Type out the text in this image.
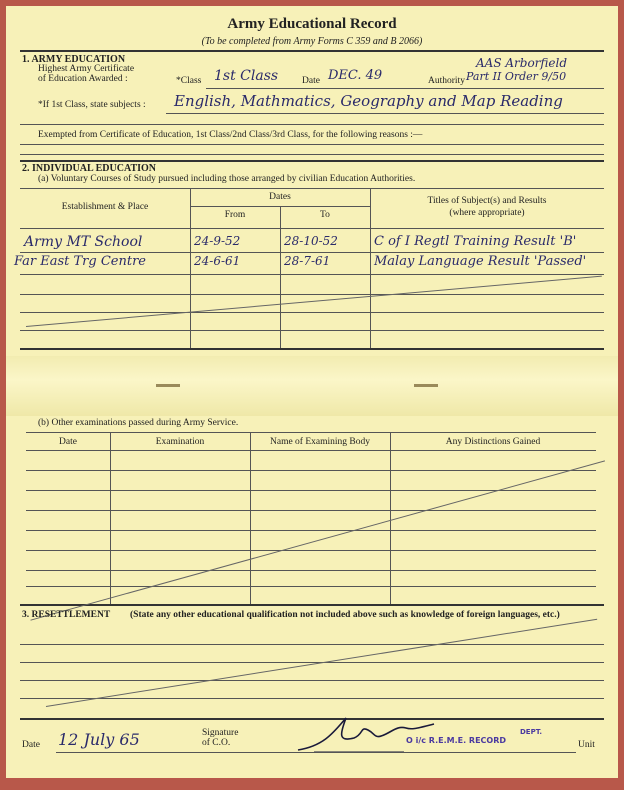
Army Educational Record
(To be completed from Army Forms C 359 and B 2066)
1. ARMY EDUCATION
Highest Army Certificate
of Education Awarded :	*Class 1st Class	Date DEC. 49	Authority
AAS Arborfield
Part II Order 9/50
*If 1st Class, state subjects : English, Mathmatics, Geography and Map Reading
Exempted from Certificate of Education, 1st Class/2nd Class/3rd Class, for the following reasons :—
2. INDIVIDUAL EDUCATION
(a) Voluntary Courses of Study pursued including those arranged by civilian Education Authorities.
Establishment & Place
Dates
From	To
Titles of Subject(s) and Results
(where appropriate)
Army MT School	24-9-52	28-10-52	C of I Regtl Training Result 'B'
Far East Trg Centre	24-6-61	28-7-61	Malay Language Result 'Passed'
(b) Other examinations passed during Army Service.
Date	Examination	Name of Examining Body	Any Distinctions Gained
3. RESETTLEMENT (State any other educational qualification not included above such as knowledge of foreign languages, etc.)
Date 12 July 65	Signature
of C.O.	O i/c R.E.M.E. RECORD
DEPT.
Unit
